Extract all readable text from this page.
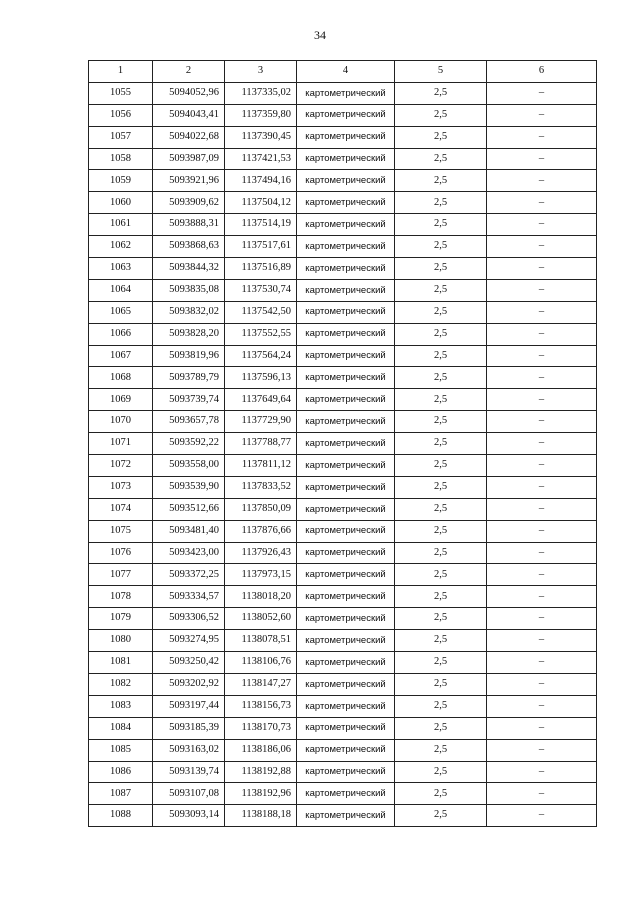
34
1	2	3	4	5	6
1055	5094052,96	1137335,02	картометрический	2,5	–
1056	5094043,41	1137359,80	картометрический	2,5	–
1057	5094022,68	1137390,45	картометрический	2,5	–
1058	5093987,09	1137421,53	картометрический	2,5	–
1059	5093921,96	1137494,16	картометрический	2,5	–
1060	5093909,62	1137504,12	картометрический	2,5	–
1061	5093888,31	1137514,19	картометрический	2,5	–
1062	5093868,63	1137517,61	картометрический	2,5	–
1063	5093844,32	1137516,89	картометрический	2,5	–
1064	5093835,08	1137530,74	картометрический	2,5	–
1065	5093832,02	1137542,50	картометрический	2,5	–
1066	5093828,20	1137552,55	картометрический	2,5	–
1067	5093819,96	1137564,24	картометрический	2,5	–
1068	5093789,79	1137596,13	картометрический	2,5	–
1069	5093739,74	1137649,64	картометрический	2,5	–
1070	5093657,78	1137729,90	картометрический	2,5	–
1071	5093592,22	1137788,77	картометрический	2,5	–
1072	5093558,00	1137811,12	картометрический	2,5	–
1073	5093539,90	1137833,52	картометрический	2,5	–
1074	5093512,66	1137850,09	картометрический	2,5	–
1075	5093481,40	1137876,66	картометрический	2,5	–
1076	5093423,00	1137926,43	картометрический	2,5	–
1077	5093372,25	1137973,15	картометрический	2,5	–
1078	5093334,57	1138018,20	картометрический	2,5	–
1079	5093306,52	1138052,60	картометрический	2,5	–
1080	5093274,95	1138078,51	картометрический	2,5	–
1081	5093250,42	1138106,76	картометрический	2,5	–
1082	5093202,92	1138147,27	картометрический	2,5	–
1083	5093197,44	1138156,73	картометрический	2,5	–
1084	5093185,39	1138170,73	картометрический	2,5	–
1085	5093163,02	1138186,06	картометрический	2,5	–
1086	5093139,74	1138192,88	картометрический	2,5	–
1087	5093107,08	1138192,96	картометрический	2,5	–
1088	5093093,14	1138188,18	картометрический	2,5	–
